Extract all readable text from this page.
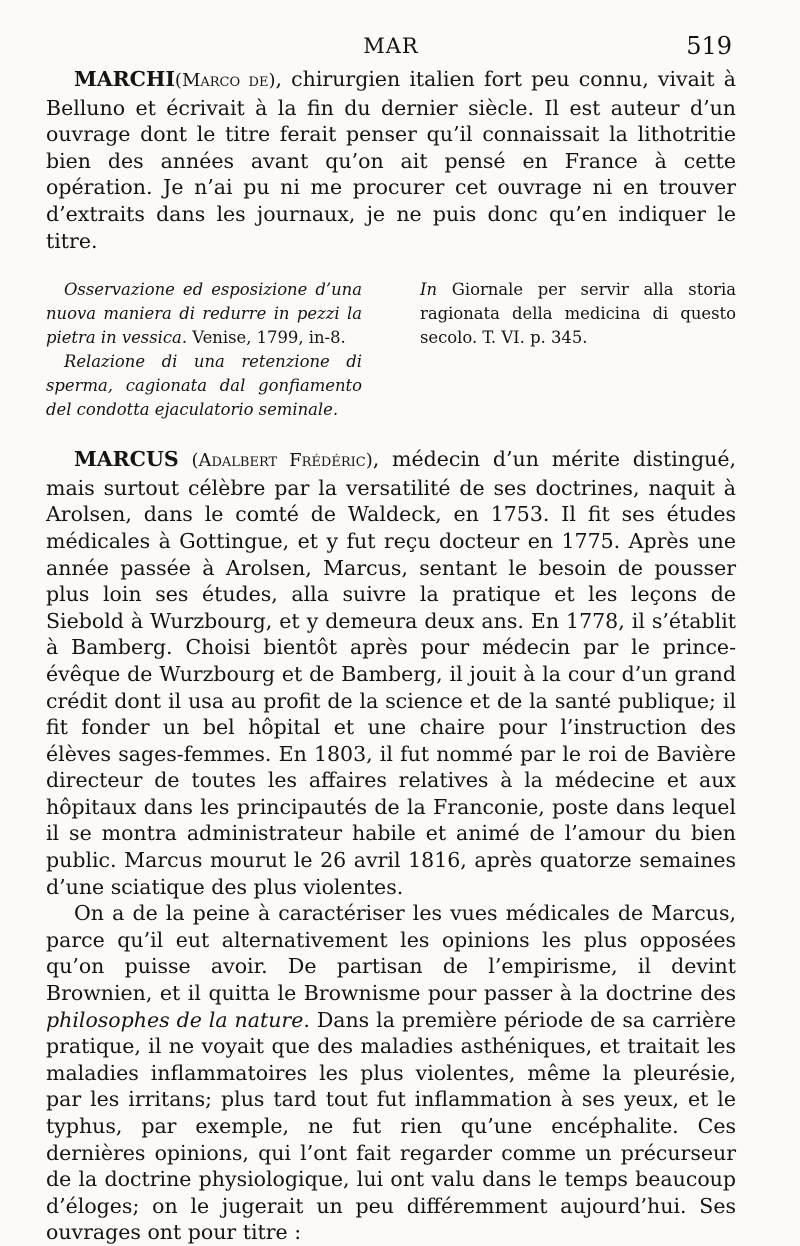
MAR	519

MARCHI(Marco de), chirurgien italien fort peu connu, vivait à Belluno et écrivait à la fin du dernier siècle. Il est auteur d’un ouvrage dont le titre ferait penser qu’il connaissait la lithotritie bien des années avant qu’on ait pensé en France à cette opération. Je n’ai pu ni me procurer cet ouvrage ni en trouver d’extraits dans les journaux, je ne puis donc qu’en indiquer le titre.

Osservazione ed esposizione d’una nuova maniera di redurre in pezzi la pietra in vessica. Venise, 1799, in-8.

Relazione di una retenzione di sperma, cagionata dal gonfiamento del condotta ejaculatorio seminale.

In Giornale per servir alla storia ragionata della medicina di questo secolo. T. VI. p. 345.

MARCUS (Adalbert Frédéric), médecin d’un mérite distingué, mais surtout célèbre par la versatilité de ses doctrines, naquit à Arolsen, dans le comté de Waldeck, en 1753. Il fit ses études médicales à Gottingue, et y fut reçu docteur en 1775. Après une année passée à Arolsen, Marcus, sentant le besoin de pousser plus loin ses études, alla suivre la pratique et les leçons de Siebold à Wurzbourg, et y demeura deux ans. En 1778, il s’établit à Bamberg. Choisi bientôt après pour médecin par le prince-évêque de Wurzbourg et de Bamberg, il jouit à la cour d’un grand crédit dont il usa au profit de la science et de la santé publique; il fit fonder un bel hôpital et une chaire pour l’instruction des élèves sages-femmes. En 1803, il fut nommé par le roi de Bavière directeur de toutes les affaires relatives à la médecine et aux hôpitaux dans les principautés de la Franconie, poste dans lequel il se montra administrateur habile et animé de l’amour du bien public. Marcus mourut le 26 avril 1816, après quatorze semaines d’une sciatique des plus violentes.

On a de la peine à caractériser les vues médicales de Marcus, parce qu’il eut alternativement les opinions les plus opposées qu’on puisse avoir. De partisan de l’empirisme, il devint Brownien, et il quitta le Brownisme pour passer à la doctrine des philosophes de la nature. Dans la première période de sa carrière pratique, il ne voyait que des maladies asthéniques, et traitait les maladies inflammatoires les plus violentes, même la pleurésie, par les irritans; plus tard tout fut inflammation à ses yeux, et le typhus, par exemple, ne fut rien qu’une encéphalite. Ces dernières opinions, qui l’ont fait regarder comme un précurseur de la doctrine physiologique, lui ont valu dans le temps beaucoup d’éloges; on le jugerait un peu différemment aujourd’hui. Ses ouvrages ont pour titre :
